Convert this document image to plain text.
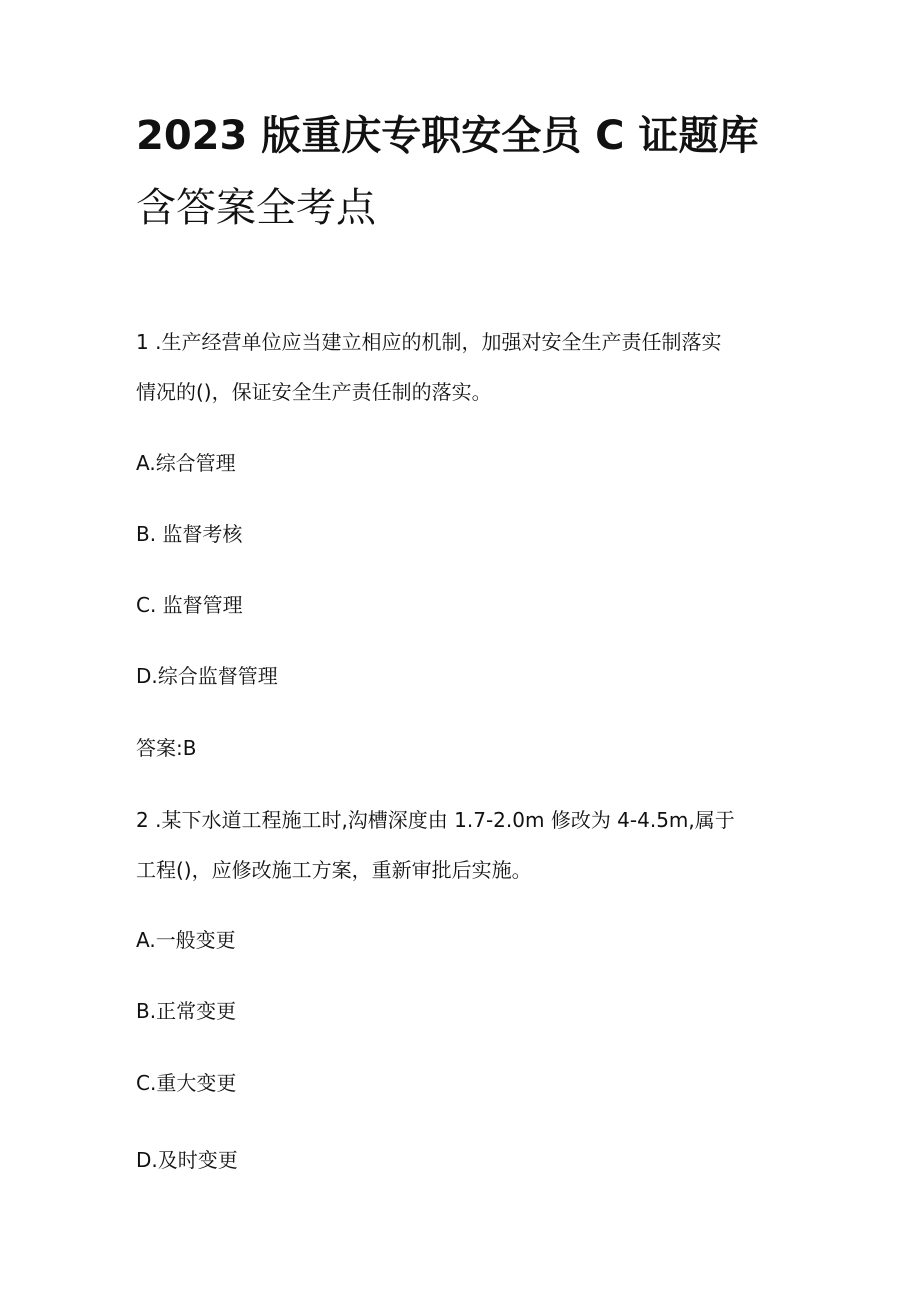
2023 版重庆专职安全员 C 证题库
含答案全考点
1 .生产经营单位应当建立相应的机制，加强对安全生产责任制落实
情况的()，保证安全生产责任制的落实。
A.综合管理
B. 监督考核
C. 监督管理
D.综合监督管理
答案:B
2 .某下水道工程施工时,沟槽深度由 1.7-2.0m 修改为 4-4.5m,属于
工程()，应修改施工方案，重新审批后实施。
A.一般变更
B.正常变更
C.重大变更
D.及时变更
